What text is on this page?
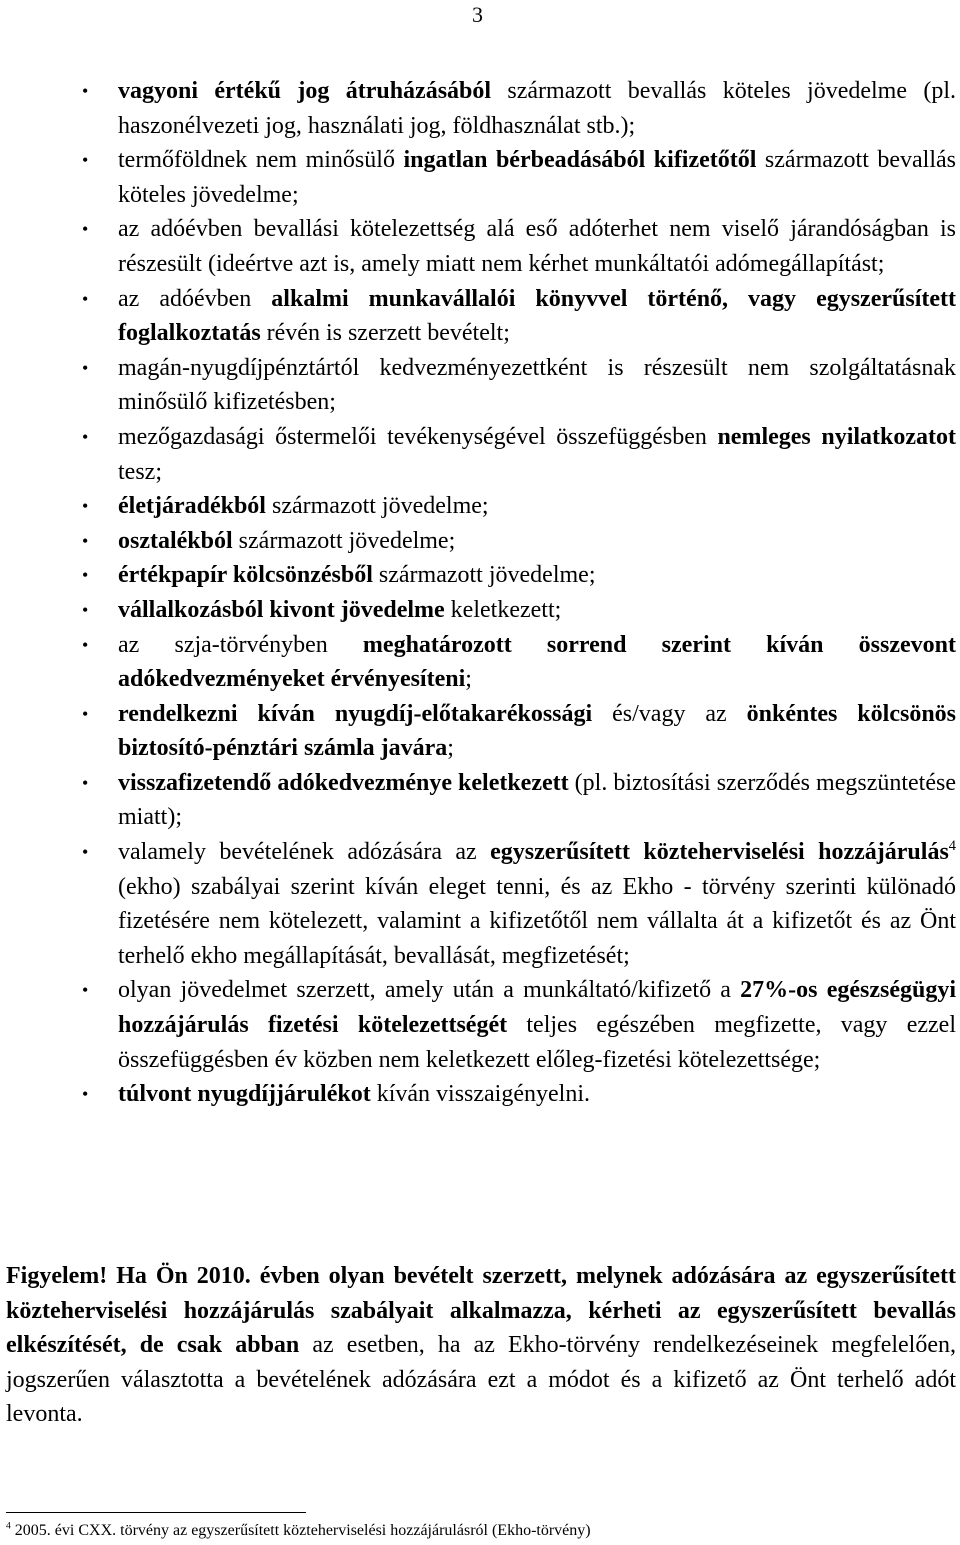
3
• vagyoni értékű jog átruházásából származott bevallás köteles jövedelme (pl. haszonélvezeti jog, használati jog, földhasználat stb.);
• termőföldnek nem minősülő ingatlan bérbeadásából kifizetőtől származott bevallás köteles jövedelme;
• az adóévben bevallási kötelezettség alá eső adóterhet nem viselő járandóságban is részesült (ideértve azt is, amely miatt nem kérhet munkáltatói adómegállapítást;
• az adóévben alkalmi munkavállalói könyvvel történő, vagy egyszerűsített foglalkoztatás révén is szerzett bevételt;
• magán-nyugdíjpénztártól kedvezményezettként is részesült nem szolgáltatásnak minősülő kifizetésben;
• mezőgazdasági őstermelői tevékenységével összefüggésben nemleges nyilatkozatot tesz;
• életjáradékból származott jövedelme;
• osztalékból származott jövedelme;
• értékpapír kölcsönzésből származott jövedelme;
• vállalkozásból kivont jövedelme keletkezett;
• az szja-törvényben meghatározott sorrend szerint kíván összevont adókedvezményeket érvényesíteni;
• rendelkezni kíván nyugdíj-előtakarékossági és/vagy az önkéntes kölcsönös biztosító-pénztári számla javára;
• visszafizetendő adókedvezménye keletkezett (pl. biztosítási szerződés megszüntetése miatt);
• valamely bevételének adózására az egyszerűsített közteherviselési hozzájárulás$^4$ (ekho) szabályai szerint kíván eleget tenni, és az Ekho - törvény szerinti különadó fizetésére nem kötelezett, valamint a kifizetőtől nem vállalta át a kifizetőt és az Önt terhelő ekho megállapítását, bevallását, megfizetését;
• olyan jövedelmet szerzett, amely után a munkáltató/kifizető a 27%-os egészségügyi hozzájárulás fizetési kötelezettségét teljes egészében megfizette, vagy ezzel összefüggésben év közben nem keletkezett előleg-fizetési kötelezettsége;
• túlvont nyugdíjjárulékot kíván visszaigényelni.

Figyelem! Ha Ön 2010. évben olyan bevételt szerzett, melynek adózására az egyszerűsített közteherviselési hozzájárulás szabályait alkalmazza, kérheti az egyszerűsített bevallás elkészítését, de csak abban az esetben, ha az Ekho-törvény rendelkezéseinek megfelelően, jogszerűen választotta a bevételének adózására ezt a módot és a kifizető az Önt terhelő adót levonta.

$^4$ 2005. évi CXX. törvény az egyszerűsített közteherviselési hozzájárulásról (Ekho-törvény)
